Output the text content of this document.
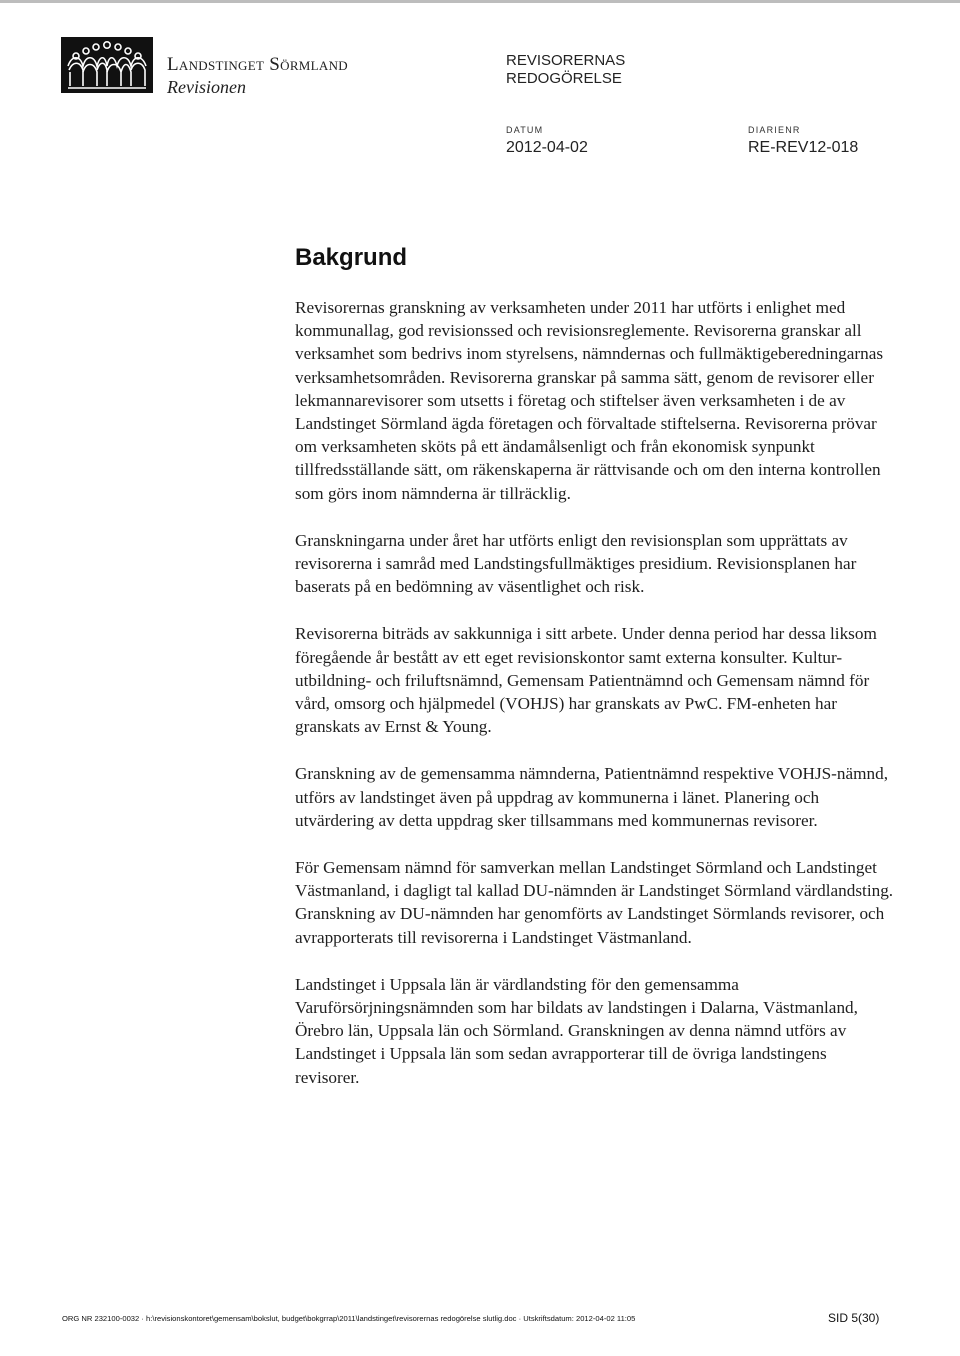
Landstinget Sörmland
Revisionen
REVISORERNAS
REDOGÖRELSE
DATUM
2012-04-02
DIARIENR
RE-REV12-018
Bakgrund

Revisorernas granskning av verksamheten under 2011 har utförts i enlighet med kommunallag, god revisionssed och revisionsreglemente. Revisorerna granskar all verksamhet som bedrivs inom styrelsens, nämndernas och fullmäktigeberedningarnas verksamhetsområden. Revisorerna granskar på samma sätt, genom de revisorer eller lekmannarevisorer som utsetts i företag och stiftelser även verksamheten i de av Landstinget Sörmland ägda företagen och förvaltade stiftelserna. Revisorerna prövar om verksamheten sköts på ett ändamålsenligt och från ekonomisk synpunkt tillfredsställande sätt, om räkenskaperna är rättvisande och om den interna kontrollen som görs inom nämnderna är tillräcklig.

Granskningarna under året har utförts enligt den revisionsplan som upprättats av revisorerna i samråd med Landstingsfullmäktiges presidium. Revisionsplanen har baserats på en bedömning av väsentlighet och risk.

Revisorerna biträds av sakkunniga i sitt arbete. Under denna period har dessa liksom föregående år bestått av ett eget revisionskontor samt externa konsulter. Kultur- utbildning- och friluftsnämnd, Gemensam Patientnämnd och Gemensam nämnd för vård, omsorg och hjälpmedel (VOHJS) har granskats av PwC. FM-enheten har granskats av Ernst & Young.

Granskning av de gemensamma nämnderna, Patientnämnd respektive VOHJS-nämnd, utförs av landstinget även på uppdrag av kommunerna i länet. Planering och utvärdering av detta uppdrag sker tillsammans med kommunernas revisorer.

För Gemensam nämnd för samverkan mellan Landstinget Sörmland och Landstinget Västmanland, i dagligt tal kallad DU-nämnden är Landstinget Sörmland värdlandsting. Granskning av DU-nämnden har genomförts av Landstinget Sörmlands revisorer, och avrapporterats till revisorerna i Landstinget Västmanland.

Landstinget i Uppsala län är värdlandsting för den gemensamma Varuförsörjningsnämnden som har bildats av landstingen i Dalarna, Västmanland, Örebro län, Uppsala län och Sörmland. Granskningen av denna nämnd utförs av Landstinget i Uppsala län som sedan avrapporterar till de övriga landstingens revisorer.

ORG NR 232100-0032 · h:\revisionskontoret\gemensam\bokslut, budget\bokgrrap\2011\landstinget\revisorernas redogörelse slutlig.doc · Utskriftsdatum: 2012-04-02 11:05	SID 5(30)
